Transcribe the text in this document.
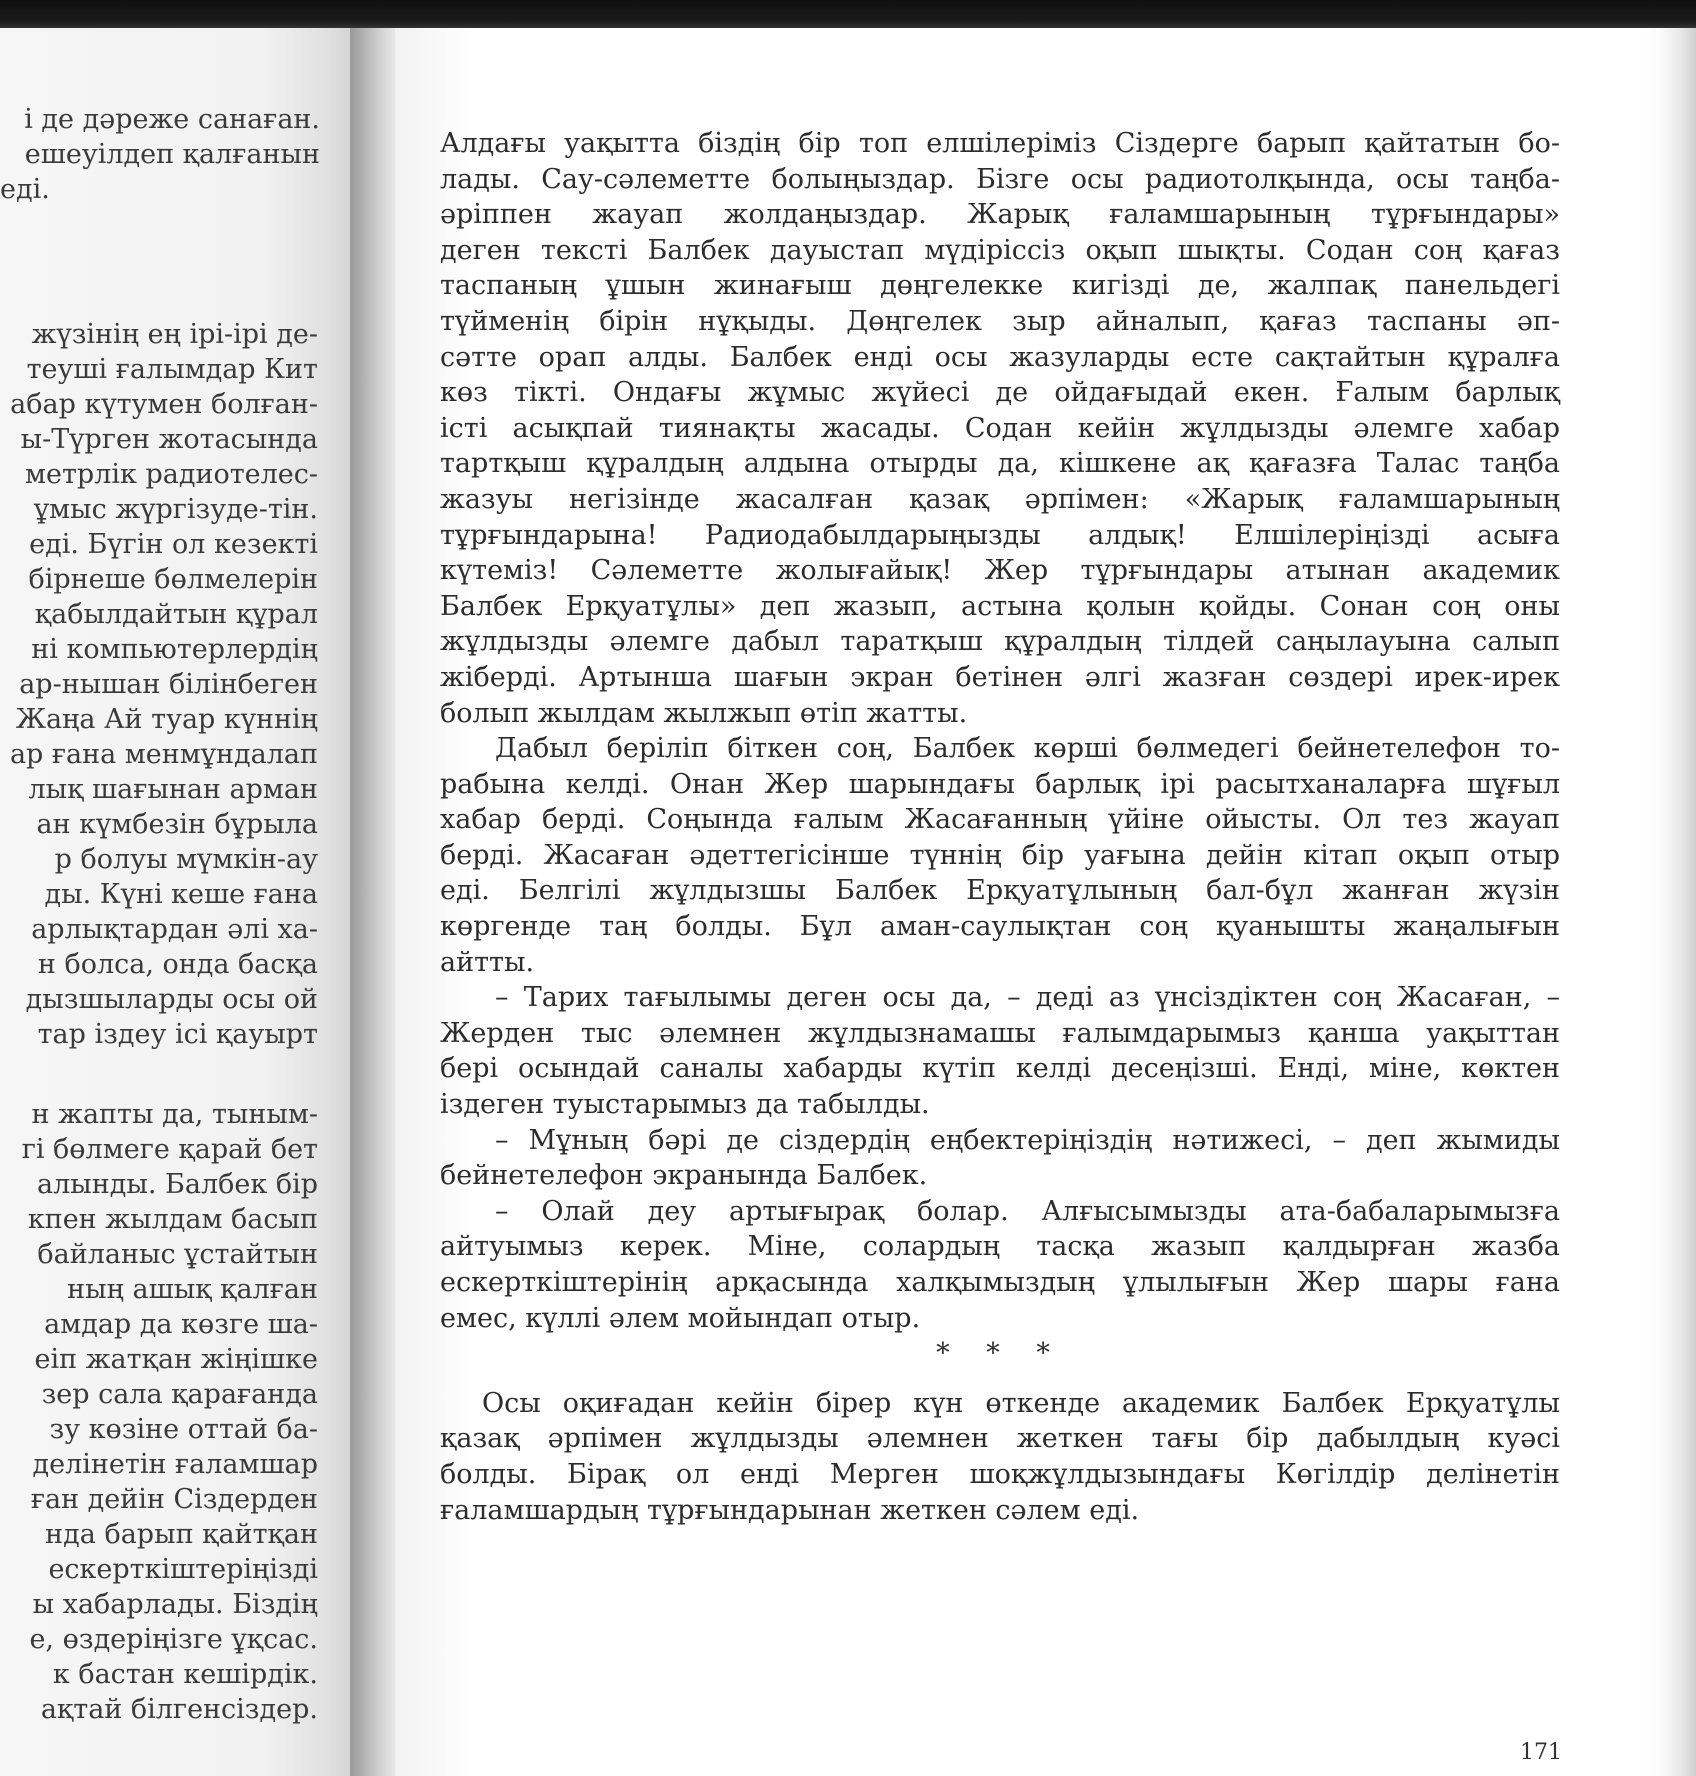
і де дәреже санаған.
ешеуілдеп қалғанын
еді.
жүзінің ең ірі-ірі де-
теуші ғалымдар Кит
абар күтумен болған-
ы-Түрген жотасында
метрлік радиотелес-
ұмыс жүргізуде-тін.
еді. Бүгін ол кезекті
бірнеше бөлмелерін
қабылдайтын құрал
ні компьютерлердің
ар-нышан білінбеген
Жаңа Ай туар күннің
ар ғана менмұндалап
лық шағынан арман
ан күмбезін бұрыла
р болуы мүмкін-ау
ды. Күні кеше ғана
арлықтардан әлі ха-
н болса, онда басқа
дызшыларды осы ой
тар іздеу ісі қауырт
н жапты да, тыным-
гі бөлмеге қарай бет
алынды. Балбек бір
кпен жылдам басып
байланыс ұстайтын
ның ашық қалған
амдар да көзге ша-
еіп жатқан жіңішке
зер сала қарағанда
зу көзіне оттай ба-
делінетін ғаламшар
ған дейін Сіздерден
нда барып қайтқан
ескерткіштеріңізді
ы хабарлады. Біздің
е, өздеріңізге ұқсас.
к бастан кешірдік.
ақтай білгенсіздер.
Алдағы уақытта біздің бір топ елшілеріміз Сіздерге барып қайтатын бо-
лады. Сау-сәлеметте болыңыздар. Бізге осы радиотолқында, осы таңба-
әріппен жауап жолдаңыздар. Жарық ғаламшарының тұрғындары»
деген текстi Балбек дауыстап мүдіріссіз оқып шықты. Содан соң қағаз
таспаның ұшын жинағыш дөңгелекке кигізді де, жалпақ панельдегі
түйменің бірін нұқыды. Дөңгелек зыр айналып, қағаз таспаны әп-
сәтте орап алды. Балбек енді осы жазуларды есте сақтайтын құралға
көз тікті. Ондағы жұмыс жүйесі де ойдағыдай екен. Ғалым барлық
істі асықпай тиянақты жасады. Содан кейін жұлдызды әлемге хабар
тартқыш құралдың алдына отырды да, кішкене ақ қағазға Талас таңба
жазуы негізінде жасалған қазақ әрпімен: «Жарық ғаламшарының
тұрғындарына! Радиодабылдарыңызды алдық! Елшілеріңізді асыға
күтеміз! Сәлеметте жолығайық! Жер тұрғындары атынан академик
Балбек Ерқуатұлы» деп жазып, астына қолын қойды. Сонан соң оны
жұлдызды әлемге дабыл таратқыш құралдың тілдей саңылауына салып
жіберді. Артынша шағын экран бетінен әлгі жазған сөздері ирек-ирек
болып жылдам жылжып өтіп жатты.
Дабыл беріліп біткен соң, Балбек көрші бөлмедегі бейнетелефон то-
рабына келді. Онан Жер шарындағы барлық ірі расытханаларға шұғыл
хабар берді. Соңында ғалым Жасағанның үйіне ойысты. Ол тез жауап
берді. Жасаған әдеттегісінше түннің бір уағына дейін кітап оқып отыр
еді. Белгілі жұлдызшы Балбек Ерқуатұлының бал-бұл жанған жүзін
көргенде таң болды. Бұл аман-саулықтан соң қуанышты жаңалығын
айтты.
– Тарих тағылымы деген осы да, – деді аз үнсіздіктен соң Жасаған, –
Жерден тыс әлемнен жұлдызнамашы ғалымдарымыз қанша уақыттан
бері осындай саналы хабарды күтіп келді десеңізші. Енді, міне, көктен
іздеген туыстарымыз да табылды.
– Мұның бәрі де сіздердің еңбектеріңіздің нәтижесі, – деп жымиды
бейнетелефон экранында Балбек.
– Олай деу артығырақ болар. Алғысымызды ата-бабаларымызға
айтуымыз керек. Міне, солардың тасқа жазып қалдырған жазба
ескерткіштерінің арқасында халқымыздың ұлылығын Жер шары ғана
емес, күллі әлем мойындап отыр.
* * *
Осы оқиғадан кейін бірер күн өткенде академик Балбек Ерқуатұлы
қазақ әрпімен жұлдызды әлемнен жеткен тағы бір дабылдың куәсі
болды. Бірақ ол енді Мерген шоқжұлдызындағы Көгілдір делінетін
ғаламшардың тұрғындарынан жеткен сәлем еді.
171
